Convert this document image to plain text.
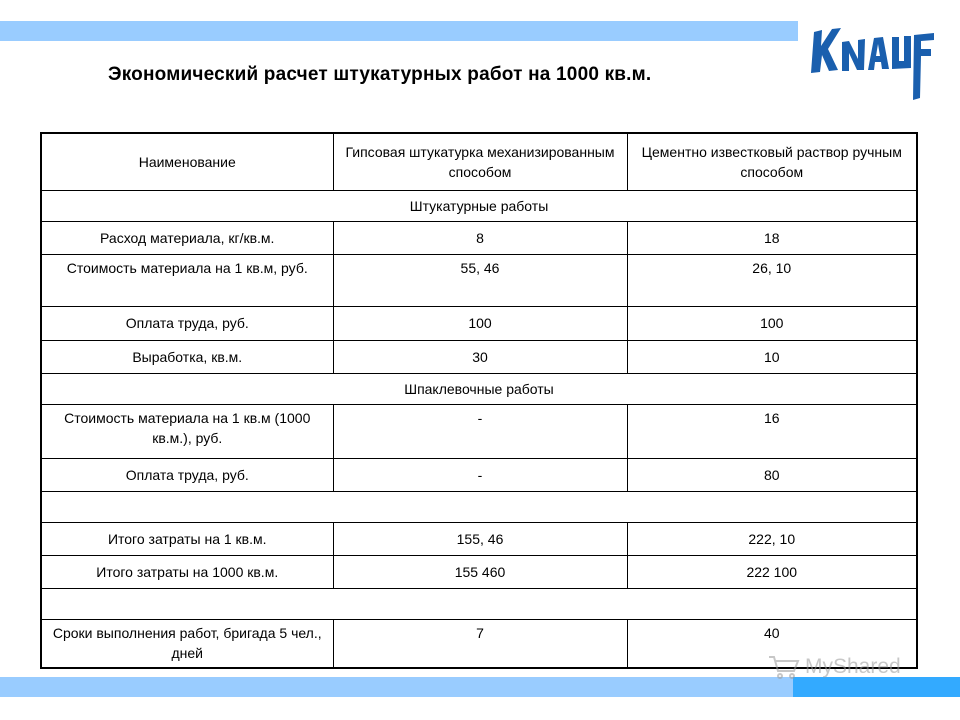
Экономический расчет штукатурных работ на 1000 кв.м.
Наименование	Гипсовая штукатурка механизированным способом	Цементно известковый раствор ручным способом
Штукатурные работы		
Расход материала, кг/кв.м.	8	18
Стоимость материала на 1 кв.м, руб.	55, 46	26, 10
Оплата труда, руб.	100	100
Выработка, кв.м.	30	10
Шпаклевочные работы		
Стоимость материала на 1 кв.м (1000 кв.м.), руб.	-	16
Оплата труда, руб.	-	80

Итого затраты на 1 кв.м.	155, 46	222, 10
Итого затраты на 1000 кв.м.	155 460	222 100

Сроки выполнения работ, бригада 5 чел., дней	7	40
MyShared
